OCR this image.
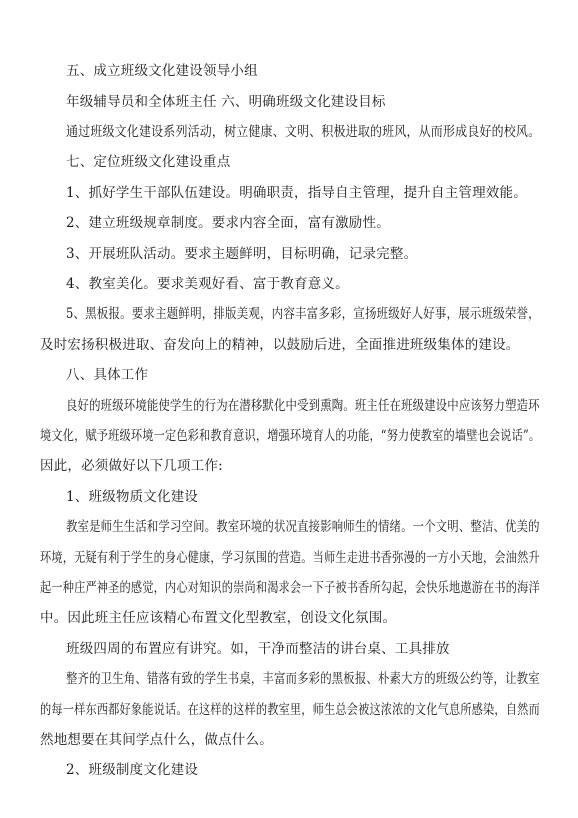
五、成立班级文化建设领导小组
年级辅导员和全体班主任 六、明确班级文化建设目标
通过班级文化建设系列活动，树立健康、文明、积极进取的班风，从而形成良好的校风。
七、定位班级文化建设重点
1、抓好学生干部队伍建设。明确职责，指导自主管理，提升自主管理效能。
2、建立班级规章制度。要求内容全面，富有激励性。
3、开展班队活动。要求主题鲜明，目标明确，记录完整。
4、教室美化。要求美观好看、富于教育意义。
5、黑板报。要求主题鲜明，排版美观，内容丰富多彩，宣扬班级好人好事，展示班级荣誉，
及时宏扬积极进取、奋发向上的精神，以鼓励后进，全面推进班级集体的建设。
八、具体工作
良好的班级环境能使学生的行为在潜移默化中受到熏陶。班主任在班级建设中应该努力塑造环
境文化，赋予班级环境一定色彩和教育意识，增强环境育人的功能，“努力使教室的墙壁也会说话”。
因此，必须做好以下几项工作:
1、班级物质文化建设
教室是师生生活和学习空间。教室环境的状况直接影响师生的情绪。一个文明、整洁、优美的
环境，无疑有利于学生的身心健康，学习氛围的营造。当师生走进书香弥漫的一方小天地，会油然升
起一种庄严神圣的感觉，内心对知识的崇尚和渴求会一下子被书香所勾起，会快乐地遨游在书的海洋
中。因此班主任应该精心布置文化型教室，创设文化氛围。
班级四周的布置应有讲究。如，干净而整洁的讲台桌、工具排放
整齐的卫生角、错落有致的学生书桌，丰富而多彩的黑板报、朴素大方的班级公约等，让教室
的每一样东西都好象能说话。在这样的这样的教室里，师生总会被这浓浓的文化气息所感染，自然而
然地想要在其间学点什么，做点什么。
2、班级制度文化建设
